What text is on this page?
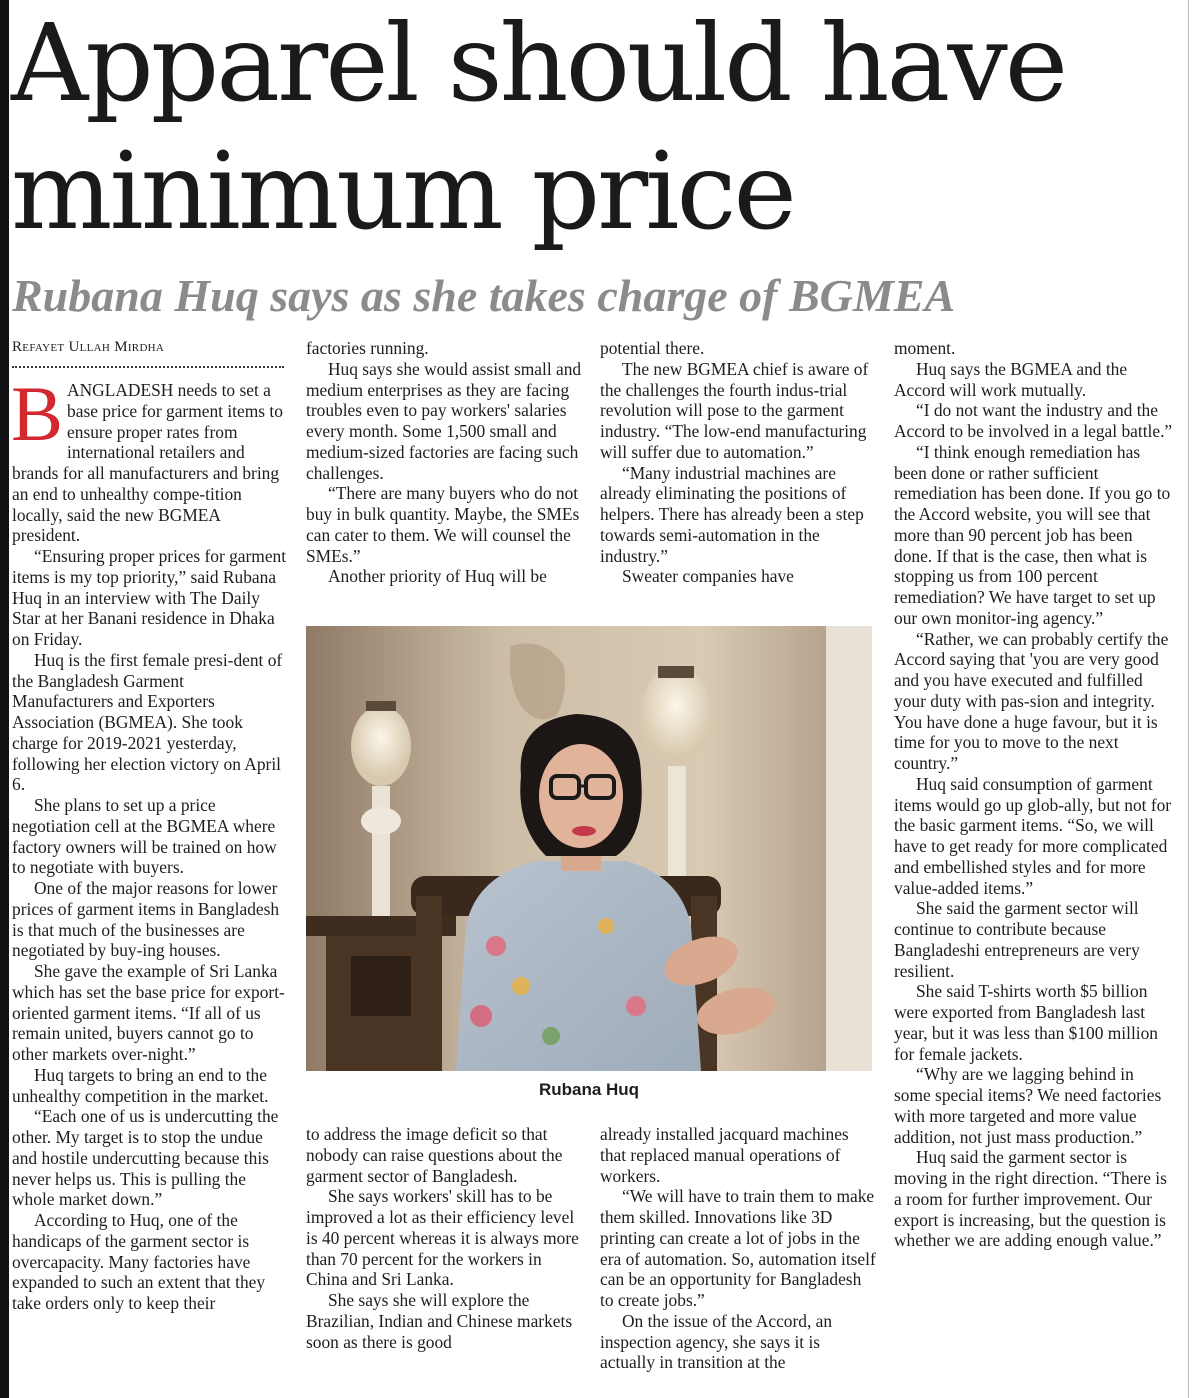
Apparel should have minimum price
Rubana Huq says as she takes charge of BGMEA
Refayet Ullah Mirdha

BANGLADESH needs to set a base price for garment items to ensure proper rates from international retailers and brands for all manufacturers and bring an end to unhealthy compe-tition locally, said the new BGMEA president.

“Ensuring proper prices for garment items is my top priority,” said Rubana Huq in an interview with The Daily Star at her Banani residence in Dhaka on Friday.

Huq is the first female presi-dent of the Bangladesh Garment Manufacturers and Exporters Association (BGMEA). She took charge for 2019-2021 yesterday, following her election victory on April 6.

She plans to set up a price negotiation cell at the BGMEA where factory owners will be trained on how to negotiate with buyers.

One of the major reasons for lower prices of garment items in Bangladesh is that much of the businesses are negotiated by buy-ing houses.

She gave the example of Sri Lanka which has set the base price for export-oriented garment items. “If all of us remain united, buyers cannot go to other markets over-night.”

Huq targets to bring an end to the unhealthy competition in the market.

“Each one of us is undercutting the other. My target is to stop the undue and hostile undercutting because this never helps us. This is pulling the whole market down.”

According to Huq, one of the handicaps of the garment sector is overcapacity. Many factories have expanded to such an extent that they take orders only to keep their

factories running.

Huq says she would assist small and medium enterprises as they are facing troubles even to pay workers' salaries every month. Some 1,500 small and medium-sized factories are facing such challenges.

“There are many buyers who do not buy in bulk quantity. Maybe, the SMEs can cater to them. We will counsel the SMEs.”

Another priority of Huq will be

potential there.

The new BGMEA chief is aware of the challenges the fourth indus-trial revolution will pose to the garment industry. “The low-end manufacturing will suffer due to automation.”

“Many industrial machines are already eliminating the positions of helpers. There has already been a step towards semi-automation in the industry.”

Sweater companies have

Rubana Huq

to address the image deficit so that nobody can raise questions about the garment sector of Bangladesh.

She says workers' skill has to be improved a lot as their efficiency level is 40 percent whereas it is always more than 70 percent for the workers in China and Sri Lanka.

She says she will explore the Brazilian, Indian and Chinese markets soon as there is good

already installed jacquard machines that replaced manual operations of workers.

“We will have to train them to make them skilled. Innovations like 3D printing can create a lot of jobs in the era of automation. So, automation itself can be an opportunity for Bangladesh to create jobs.”

On the issue of the Accord, an inspection agency, she says it is actually in transition at the

moment.

Huq says the BGMEA and the Accord will work mutually.

“I do not want the industry and the Accord to be involved in a legal battle.”

“I think enough remediation has been done or rather sufficient remediation has been done. If you go to the Accord website, you will see that more than 90 percent job has been done. If that is the case, then what is stopping us from 100 percent remediation? We have target to set up our own monitor-ing agency.”

“Rather, we can probably certify the Accord saying that 'you are very good and you have executed and fulfilled your duty with pas-sion and integrity. You have done a huge favour, but it is time for you to move to the next country.”

Huq said consumption of garment items would go up glob-ally, but not for the basic garment items. “So, we will have to get ready for more complicated and embellished styles and for more value-added items.”

She said the garment sector will continue to contribute because Bangladeshi entrepreneurs are very resilient.

She said T-shirts worth $5 billion were exported from Bangladesh last year, but it was less than $100 million for female jackets.

“Why are we lagging behind in some special items? We need factories with more targeted and more value addition, not just mass production.”

Huq said the garment sector is moving in the right direction. “There is a room for further improvement. Our export is increasing, but the question is whether we are adding enough value.”
